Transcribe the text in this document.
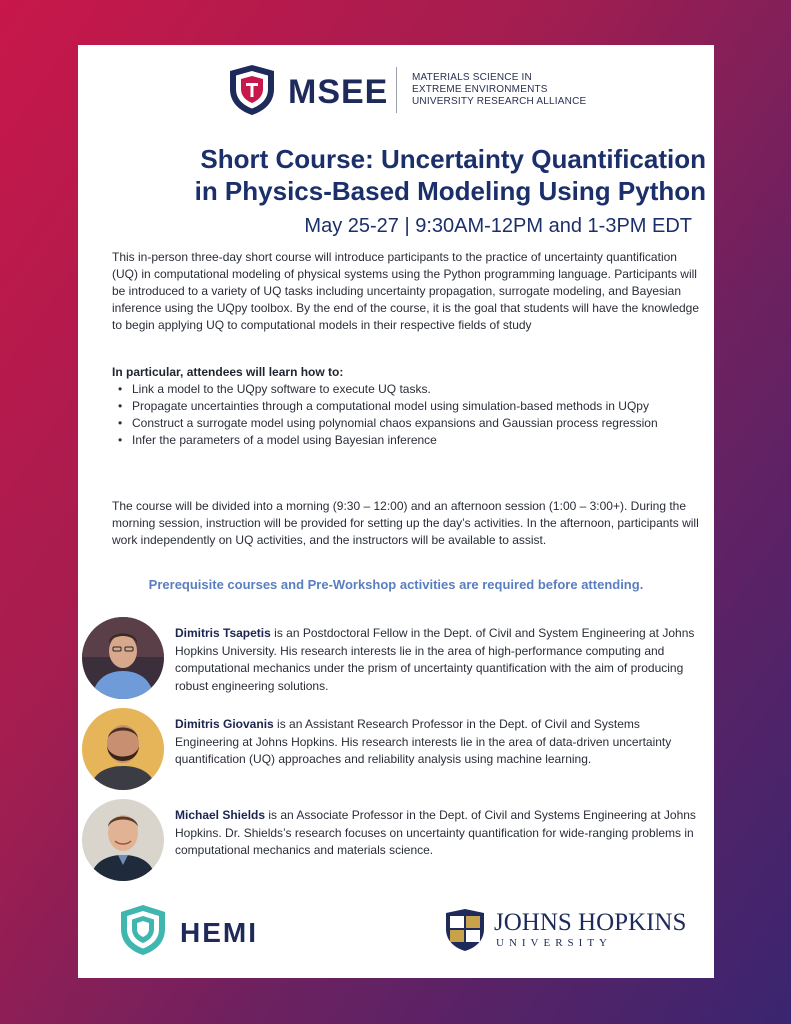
MSEE MATERIALS SCIENCE IN
EXTREME ENVIRONMENTS
UNIVERSITY RESEARCH ALLIANCE
Short Course: Uncertainty Quantification
in Physics-Based Modeling Using Python
May 25-27 | 9:30AM-12PM and 1-3PM EDT
This in-person three-day short course will introduce participants to the practice of uncertainty quantification (UQ) in computational modeling of physical systems using the Python programming language. Participants will be introduced to a variety of UQ tasks including uncertainty propagation, surrogate modeling, and Bayesian inference using the UQpy toolbox. By the end of the course, it is the goal that students will have the knowledge to begin applying UQ to computational models in their respective fields of study
In particular, attendees will learn how to:
• Link a model to the UQpy software to execute UQ tasks.
• Propagate uncertainties through a computational model using simulation-based methods in UQpy
• Construct a surrogate model using polynomial chaos expansions and Gaussian process regression
• Infer the parameters of a model using Bayesian inference
The course will be divided into a morning (9:30 – 12:00) and an afternoon session (1:00 – 3:00+). During the morning session, instruction will be provided for setting up the day’s activities. In the afternoon, participants will work independently on UQ activities, and the instructors will be available to assist.
Prerequisite courses and Pre-Workshop activities are required before attending.
Dimitris Tsapetis is an Postdoctoral Fellow in the Dept. of Civil and System Engineering at Johns Hopkins University. His research interests lie in the area of high-performance computing and computational mechanics under the prism of uncertainty quantification with the aim of producing robust engineering solutions.
Dimitris Giovanis is an Assistant Research Professor in the Dept. of Civil and Systems Engineering at Johns Hopkins. His research interests lie in the area of data-driven uncertainty quantification (UQ) approaches and reliability analysis using machine learning.
Michael Shields is an Associate Professor in the Dept. of Civil and Systems Engineering at Johns Hopkins. Dr. Shields’s research focuses on uncertainty quantification for wide-ranging problems in computational mechanics and materials science.
HEMI	JOHNS HOPKINS
UNIVERSITY
